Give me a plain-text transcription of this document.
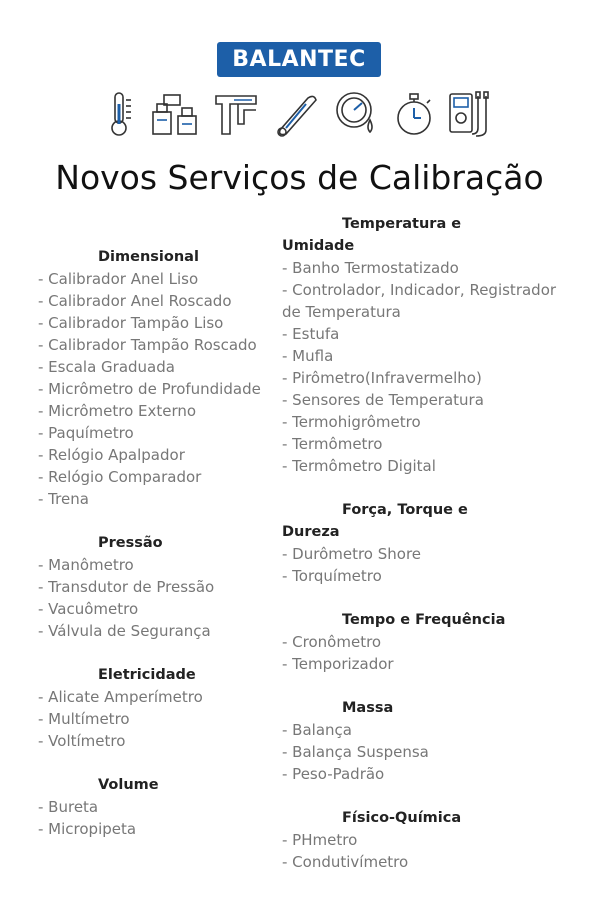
BALANTEC
Novos Serviços de Calibração
Dimensional
- Calibrador Anel Liso
- Calibrador Anel Roscado
- Calibrador Tampão Liso
- Calibrador Tampão Roscado
- Escala Graduada
- Micrômetro de Profundidade
- Micrômetro Externo
- Paquímetro
- Relógio Apalpador
- Relógio Comparador
- Trena
Pressão
- Manômetro
- Transdutor de Pressão
- Vacuômetro
- Válvula de Segurança
Eletricidade
- Alicate Amperímetro
- Multímetro
- Voltímetro
Volume
- Bureta
- Micropipeta
Temperatura e
Umidade
- Banho Termostatizado
- Controlador, Indicador, Registrador de Temperatura
- Estufa
- Mufla
- Pirômetro(Infravermelho)
- Sensores de Temperatura
- Termohigrômetro
- Termômetro
- Termômetro Digital
Força, Torque e
Dureza
- Durômetro Shore
- Torquímetro
Tempo e Frequência
- Cronômetro
- Temporizador
Massa
- Balança
- Balança Suspensa
- Peso-Padrão
Físico-Química
- PHmetro
- Condutivímetro
